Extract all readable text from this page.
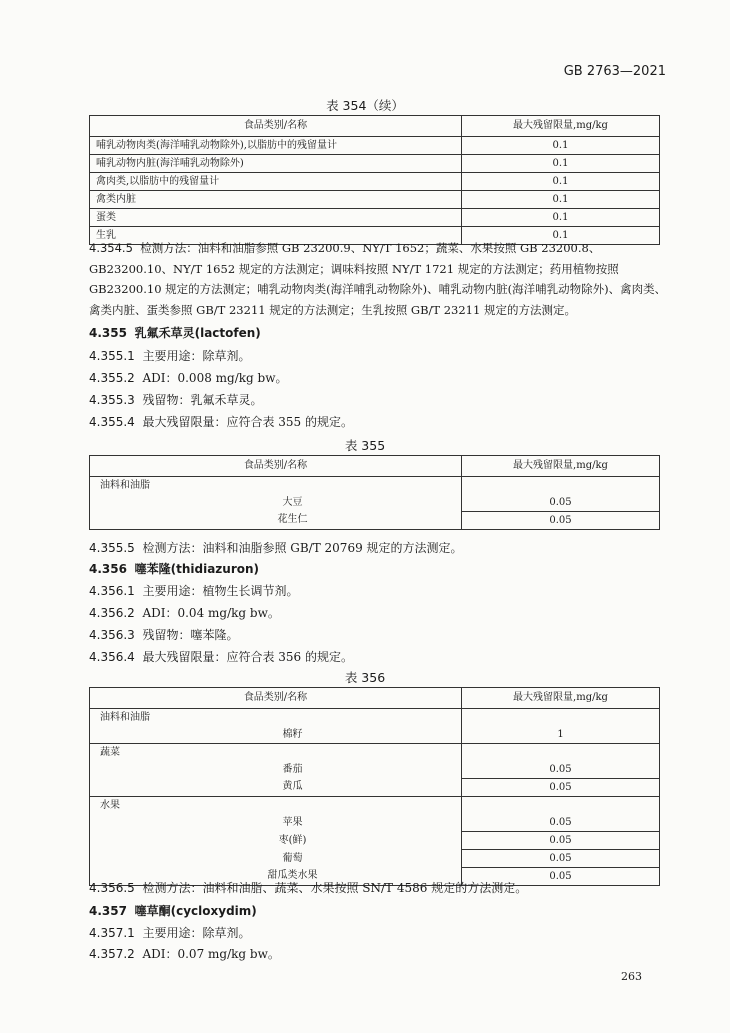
GB 2763—2021
表 354（续）
食品类别/名称	最大残留限量,mg/kg
哺乳动物肉类(海洋哺乳动物除外),以脂肪中的残留量计	0.1
哺乳动物内脏(海洋哺乳动物除外)	0.1
禽肉类,以脂肪中的残留量计	0.1
禽类内脏	0.1
蛋类	0.1
生乳	0.1
4.354.5 检测方法：油料和油脂参照 GB 23200.9、NY/T 1652；蔬菜、水果按照 GB 23200.8、GB23200.10、NY/T 1652 规定的方法测定；调味料按照 NY/T 1721 规定的方法测定；药用植物按照 GB23200.10 规定的方法测定；哺乳动物肉类(海洋哺乳动物除外)、哺乳动物内脏(海洋哺乳动物除外)、禽肉类、禽类内脏、蛋类参照 GB/T 23211 规定的方法测定；生乳按照 GB/T 23211 规定的方法测定。
4.355 乳氟禾草灵(lactofen)
4.355.1 主要用途：除草剂。
4.355.2 ADI：0.008 mg/kg bw。
4.355.3 残留物：乳氟禾草灵。
4.355.4 最大残留限量：应符合表 355 的规定。
表 355
食品类别/名称	最大残留限量,mg/kg
油料和油脂	
大豆	0.05
花生仁	0.05
4.355.5 检测方法：油料和油脂参照 GB/T 20769 规定的方法测定。
4.356 噻苯隆(thidiazuron)
4.356.1 主要用途：植物生长调节剂。
4.356.2 ADI：0.04 mg/kg bw。
4.356.3 残留物：噻苯隆。
4.356.4 最大残留限量：应符合表 356 的规定。
表 356
食品类别/名称	最大残留限量,mg/kg
油料和油脂	
棉籽	1
蔬菜	
番茄	0.05
黄瓜	0.05
水果	
苹果	0.05
枣(鲜)	0.05
葡萄	0.05
甜瓜类水果	0.05
4.356.5 检测方法：油料和油脂、蔬菜、水果按照 SN/T 4586 规定的方法测定。
4.357 噻草酮(cycloxydim)
4.357.1 主要用途：除草剂。
4.357.2 ADI：0.07 mg/kg bw。
263
